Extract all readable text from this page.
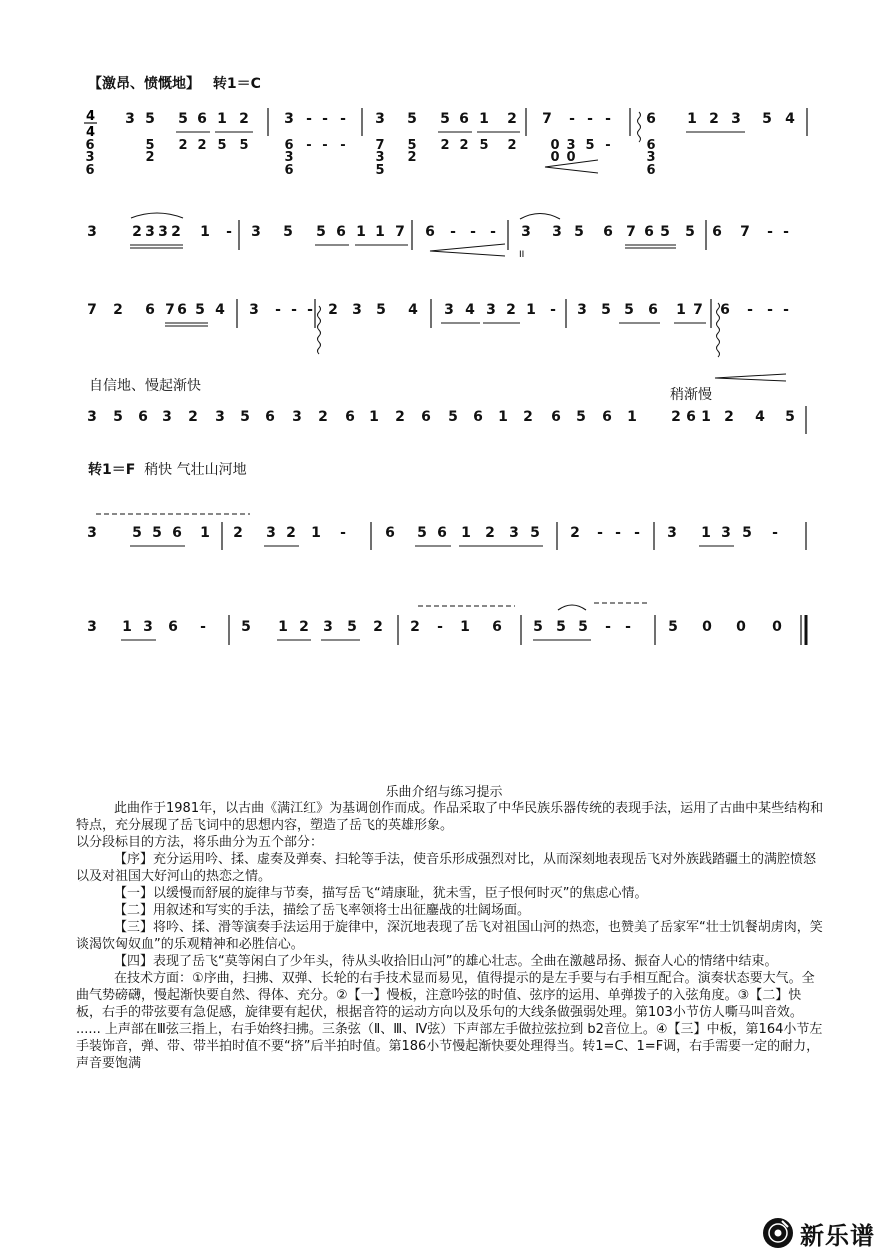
【激昂、愤慨地】 转1＝C
自信地、慢起渐快
稍渐慢
转1＝F 稍快 气壮山河地
4
4
3 5 5 6 1 2	3 - - - 3 5 5 6 1 2 7 - - -	6 1 2 3 5 4
3	2 3 3 2 1 - 3 5 5 6 1 1 7 6 - - - 3 3 5 6 7 6 5 5 6 7 - -
7 2 6 7 6 5 4 3 - - - 2 3 5 4 3 4 3 2 1 - 3 5 5 6 1 7 6 - - -
3 5 6 3 2 3 5 6 3 2 6 1 2 6 5 6 1 2 6 5 6 1 2 6 1 2 4 5
3	5 5 6 1 2 3 2 1 -	6 5 6 1 2 3 5 2 - - - 3 1 3 5 -
3 1 3 6 -	5 1 2 3 5 2 2 - 1 6 5 5 5 - -	5 0 0 0
6
3
6
5
2
2 2 5 5	6
3
6
- - - 7
3
5
5
2
2 2 5 2	0 3
0 0
5 -	6
3
6
II
乐曲介绍与练习提示

此曲作于1981年，以古曲《满江红》为基调创作而成。作品采取了中华民族乐器传统的表现手法，运用了古曲中某些结构和特点，充分展现了岳飞词中的思想内容，塑造了岳飞的英雄形象。

以分段标目的方法，将乐曲分为五个部分：

【序】充分运用吟、揉、虚奏及弹奏、扫轮等手法，使音乐形成强烈对比，从而深刻地表现岳飞对外族践踏疆土的满腔愤怒以及对祖国大好河山的热恋之情。

【一】以缓慢而舒展的旋律与节奏，描写岳飞“靖康耻，犹未雪，臣子恨何时灭”的焦虑心情。

【二】用叙述和写实的手法，描绘了岳飞率领将士出征鏖战的壮阔场面。

【三】将吟、揉、滑等演奏手法运用于旋律中，深沉地表现了岳飞对祖国山河的热恋，也赞美了岳家军“壮士饥餐胡虏肉，笑谈渴饮匈奴血”的乐观精神和必胜信心。

【四】表现了岳飞“莫等闲白了少年头，待从头收拾旧山河”的雄心壮志。全曲在激越昂扬、振奋人心的情绪中结束。

在技术方面：①序曲，扫拂、双弹、长轮的右手技术显而易见，值得提示的是左手要与右手相互配合。演奏状态要大气。全曲气势磅礴，慢起渐快要自然、得体、充分。②【一】慢板，注意吟弦的时值、弦序的运用、单弹拨子的入弦角度。③【二】快板，右手的带弦要有急促感，旋律要有起伏，根据音符的运动方向以及乐句的大线条做强弱处理。第103小节仿人嘶马叫音效。

...... 上声部在Ⅲ弦三指上，右手始终扫拂。三条弦（Ⅱ、Ⅲ、Ⅳ弦）下声部左手做拉弦拉到 b2音位上。④【三】中板，第164小节左手装饰音，弹、带、带半拍时值不要“挤”后半拍时值。第186小节慢起渐快要处理得当。转1=C、1=F调，右手需要一定的耐力，声音要饱满

新乐谱
